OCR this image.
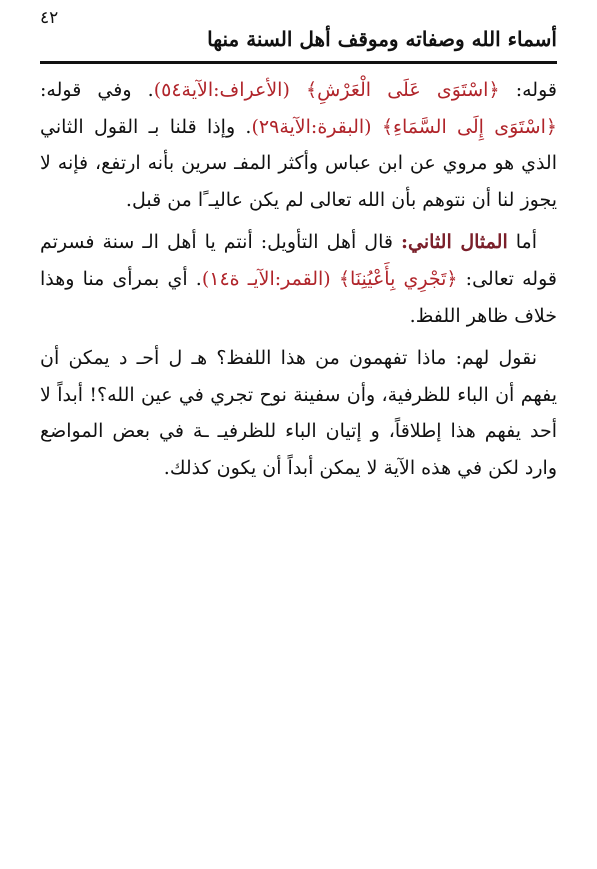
أسماء الله وصفاته وموقف أهل السنة منها
٤٢

قوله: ﴿اسْتَوَى عَلَى الْعَرْشِ﴾ (الأعراف:الآية٥٤). وفي قوله: ﴿اسْتَوَى إِلَى السَّمَاءِ﴾ (البقرة:الآية٢٩). وإذا قلنا بـ القول الثاني الذي هو مروي عن ابن عباس وأكثر المفـ سرين بأنه ارتفع، فإنه لا يجوز لنا أن نتوهم بأن الله تعالى لم يكن عاليـ ًا من قبل.

أما المثال الثاني: قال أهل التأويل: أنتم يا أهل الـ سنة فسرتم قوله تعالى: ﴿تَجْرِي بِأَعْيُنِنَا﴾ (القمر:الآيـ ة١٤). أي بمرأى منا وهذا خلاف ظاهر اللفظ.

نقول لهم: ماذا تفهمون من هذا اللفظ؟ هـ ل أحـ د يمكن أن يفهم أن الباء للظرفية، وأن سفينة نوح تجري في عين الله؟! أبداً لا أحد يفهم هذا إطلاقاً، و إتيان الباء للظرفيـ ـة في بعض المواضع وارد لكن في هذه الآية لا يمكن أبداً أن يكون كذلك.
